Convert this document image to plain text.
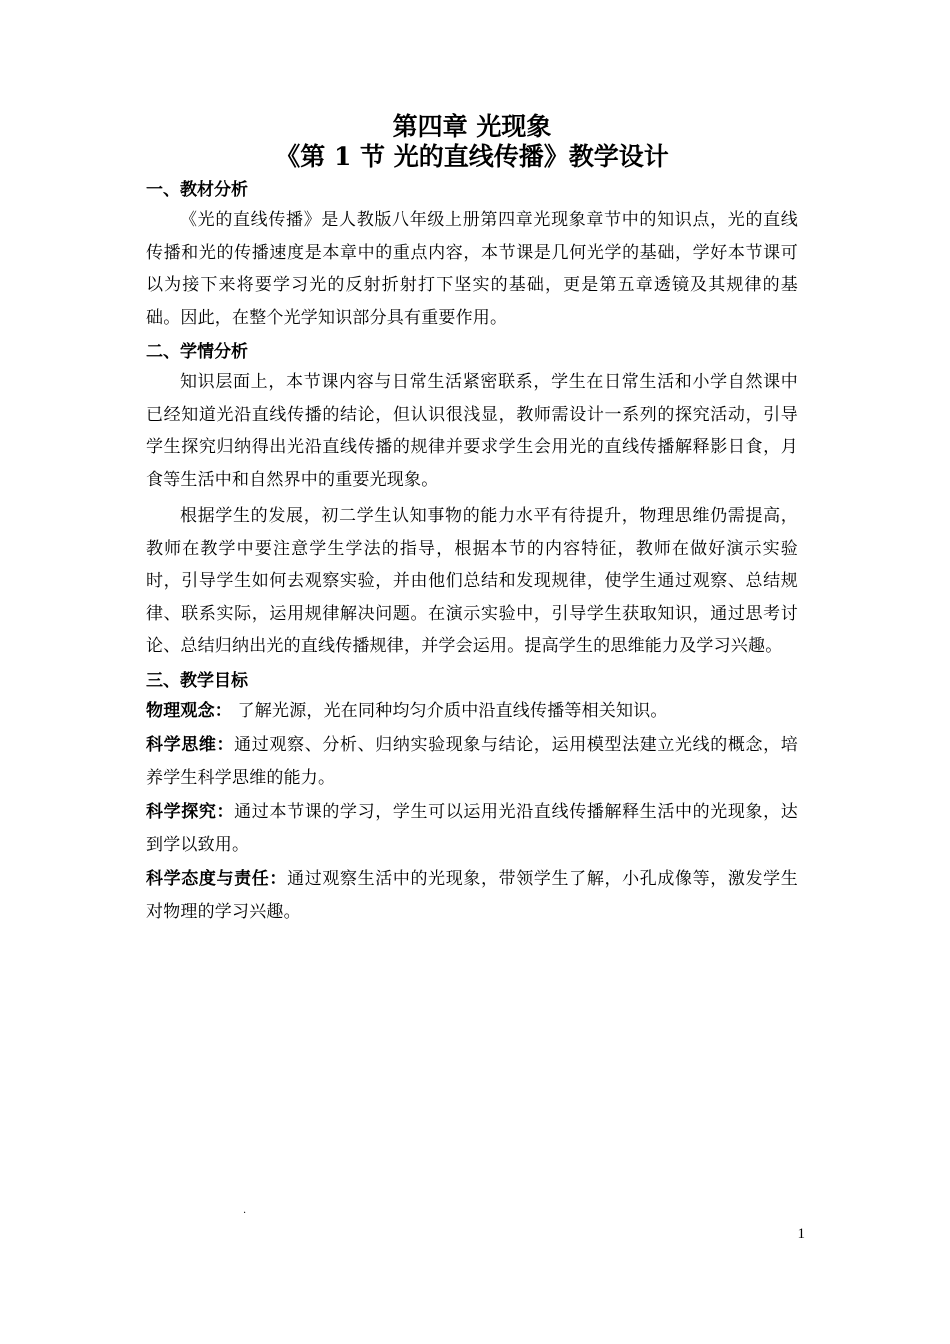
第四章 光现象

《第 1 节 光的直线传播》教学设计

一、教材分析

《光的直线传播》是人教版八年级上册第四章光现象章节中的知识点，光的直线传播和光的传播速度是本章中的重点内容，本节课是几何光学的基础，学好本节课可以为接下来将要学习光的反射折射打下坚实的基础，更是第五章透镜及其规律的基础。因此，在整个光学知识部分具有重要作用。

二、学情分析

知识层面上，本节课内容与日常生活紧密联系，学生在日常生活和小学自然课中已经知道光沿直线传播的结论，但认识很浅显，教师需设计一系列的探究活动，引导学生探究归纳得出光沿直线传播的规律并要求学生会用光的直线传播解释影日食，月食等生活中和自然界中的重要光现象。

根据学生的发展，初二学生认知事物的能力水平有待提升，物理思维仍需提高，教师在教学中要注意学生学法的指导，根据本节的内容特征，教师在做好演示实验时，引导学生如何去观察实验，并由他们总结和发现规律，使学生通过观察、总结规律、联系实际，运用规律解决问题。在演示实验中，引导学生获取知识，通过思考讨论、总结归纳出光的直线传播规律，并学会运用。提高学生的思维能力及学习兴趣。

三、教学目标

物理观念： 了解光源，光在同种均匀介质中沿直线传播等相关知识。

科学思维：通过观察、分析、归纳实验现象与结论，运用模型法建立光线的概念，培养学生科学思维的能力。

科学探究：通过本节课的学习，学生可以运用光沿直线传播解释生活中的光现象，达到学以致用。

科学态度与责任：通过观察生活中的光现象，带领学生了解，小孔成像等，激发学生对物理的学习兴趣。

.
1
